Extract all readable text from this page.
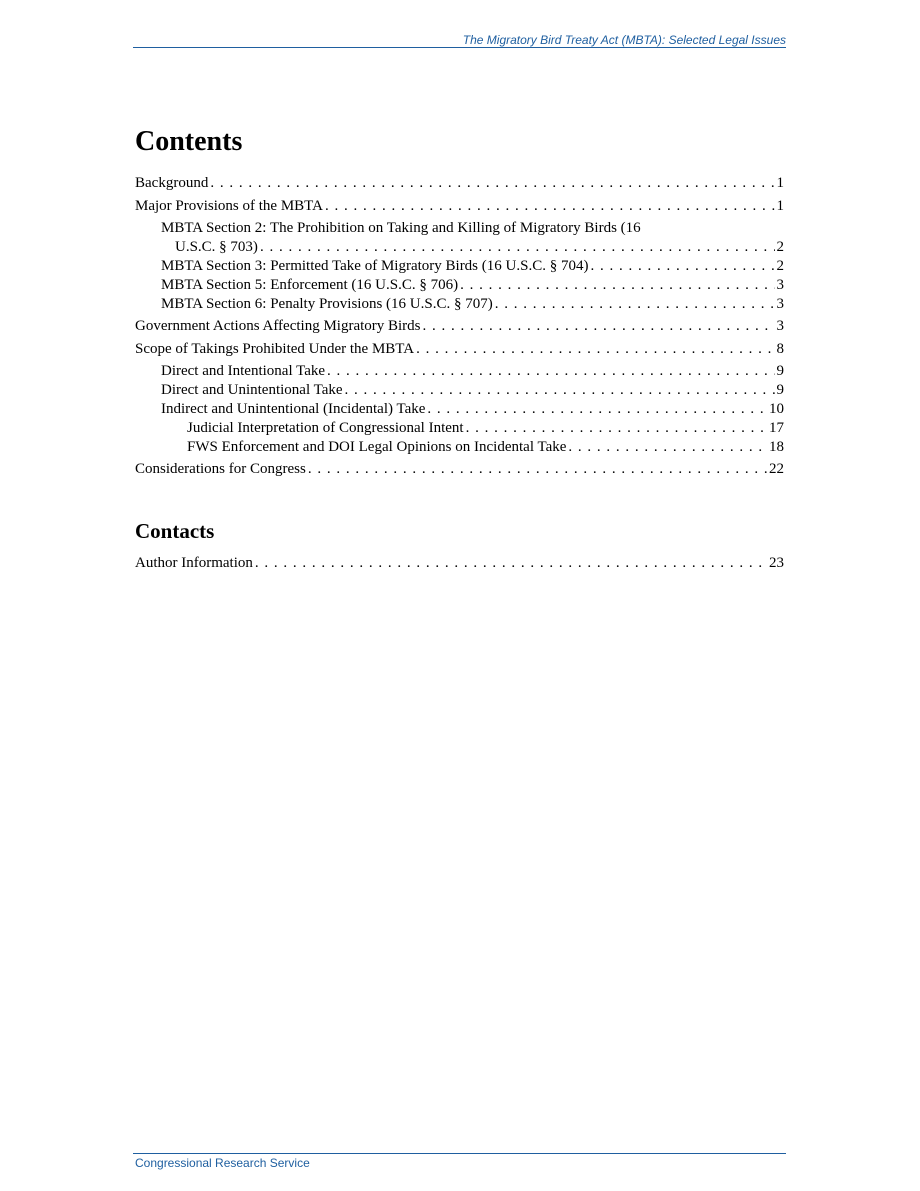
The Migratory Bird Treaty Act (MBTA): Selected Legal Issues
Contents
Background . . .	1
Major Provisions of the MBTA . . .	1
MBTA Section 2: The Prohibition on Taking and Killing of Migratory Birds (16
U.S.C. § 703) . . .	2
MBTA Section 3: Permitted Take of Migratory Birds (16 U.S.C. § 704) . . .	2
MBTA Section 5: Enforcement (16 U.S.C. § 706) . . .	3
MBTA Section 6: Penalty Provisions (16 U.S.C. § 707) . . .	3
Government Actions Affecting Migratory Birds . . .	3
Scope of Takings Prohibited Under the MBTA . . .	8
Direct and Intentional Take . . .	9
Direct and Unintentional Take . . .	9
Indirect and Unintentional (Incidental) Take . . .	10
Judicial Interpretation of Congressional Intent . . .	17
FWS Enforcement and DOI Legal Opinions on Incidental Take . . .	18
Considerations for Congress . . .	22
Contacts
Author Information . . .	23
Congressional Research Service
